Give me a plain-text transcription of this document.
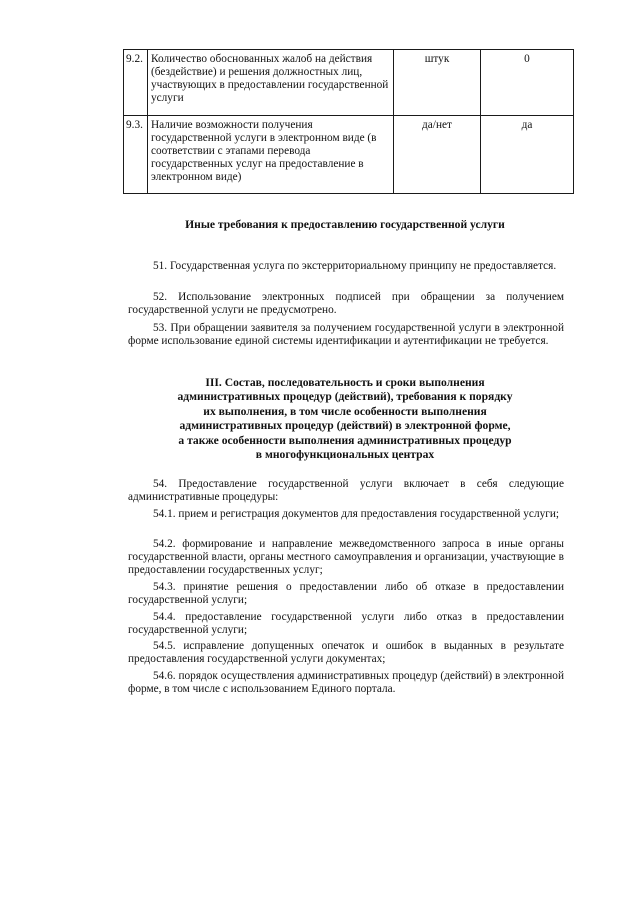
9.2.	Количество обоснованных жалоб на действия (бездействие) и решения должностных лиц, участвующих в предоставлении государственной услуги	штук	0
9.3.	Наличие возможности получения государственной услуги в электронном виде (в соответствии с этапами перевода государственных услуг на предоставление в электронном виде)	да/нет	да
Иные требования к предоставлению государственной услуги
51. Государственная услуга по экстерриториальному принципу не предоставляется.
52. Использование электронных подписей при обращении за получением государственной услуги не предусмотрено.
53. При обращении заявителя за получением государственной услуги в электронной форме использование единой системы идентификации и аутентификации не требуется.
III. Состав, последовательность и сроки выполнения
административных процедур (действий), требования к порядку
их выполнения, в том числе особенности выполнения
административных процедур (действий) в электронной форме,
а также особенности выполнения административных процедур
в многофункциональных центрах
54. Предоставление государственной услуги включает в себя следующие административные процедуры:
54.1. прием и регистрация документов для предоставления государственной услуги;
54.2. формирование и направление межведомственного запроса в иные органы государственной власти, органы местного самоуправления и организации, участвующие в предоставлении государственных услуг;
54.3. принятие решения о предоставлении либо об отказе в предоставлении государственной услуги;
54.4. предоставление государственной услуги либо отказ в предоставлении государственной услуги;
54.5. исправление допущенных опечаток и ошибок в выданных в результате предоставления государственной услуги документах;
54.6. порядок осуществления административных процедур (действий) в электронной форме, в том числе с использованием Единого портала.
